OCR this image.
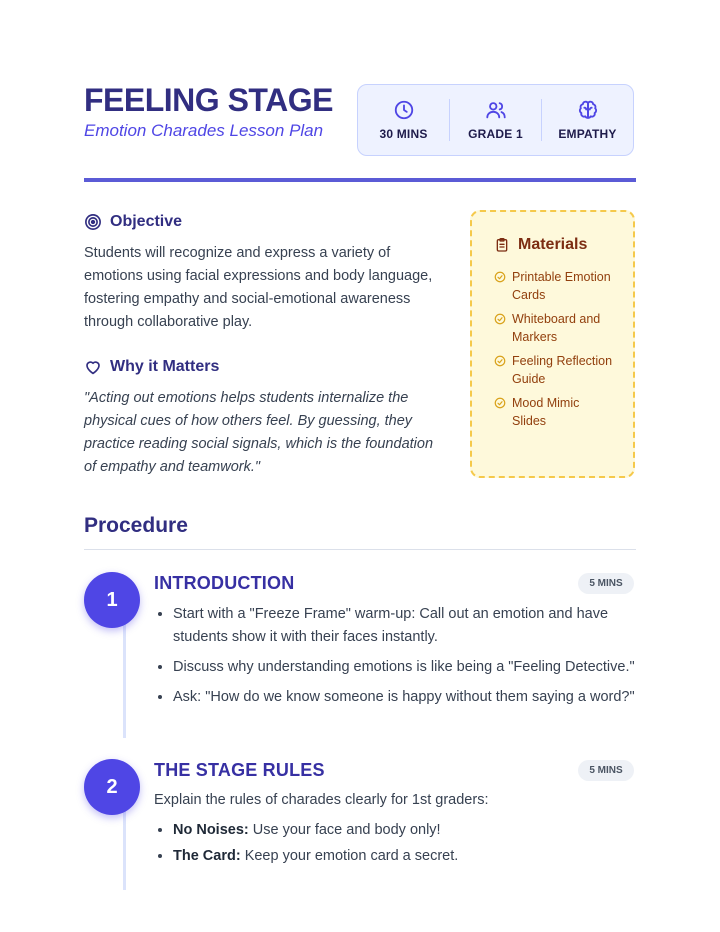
FEELING STAGE
Emotion Charades Lesson Plan	30 MINS	GRADE 1	EMPATHY
Objective
Students will recognize and express a variety of emotions using facial expressions and body language, fostering empathy and social-emotional awareness through collaborative play.
Why it Matters
"Acting out emotions helps students internalize the physical cues of how others feel. By guessing, they practice reading social signals, which is the foundation of empathy and teamwork."
Materials
Printable Emotion Cards
Whiteboard and Markers
Feeling Reflection Guide
Mood Mimic Slides
Procedure
1
INTRODUCTION	5 MINS
• Start with a "Freeze Frame" warm-up: Call out an emotion and have students show it with their faces instantly.
• Discuss why understanding emotions is like being a "Feeling Detective."
• Ask: "How do we know someone is happy without them saying a word?"
2
THE STAGE RULES	5 MINS
Explain the rules of charades clearly for 1st graders:
• No Noises: Use your face and body only!
• The Card: Keep your emotion card a secret.
